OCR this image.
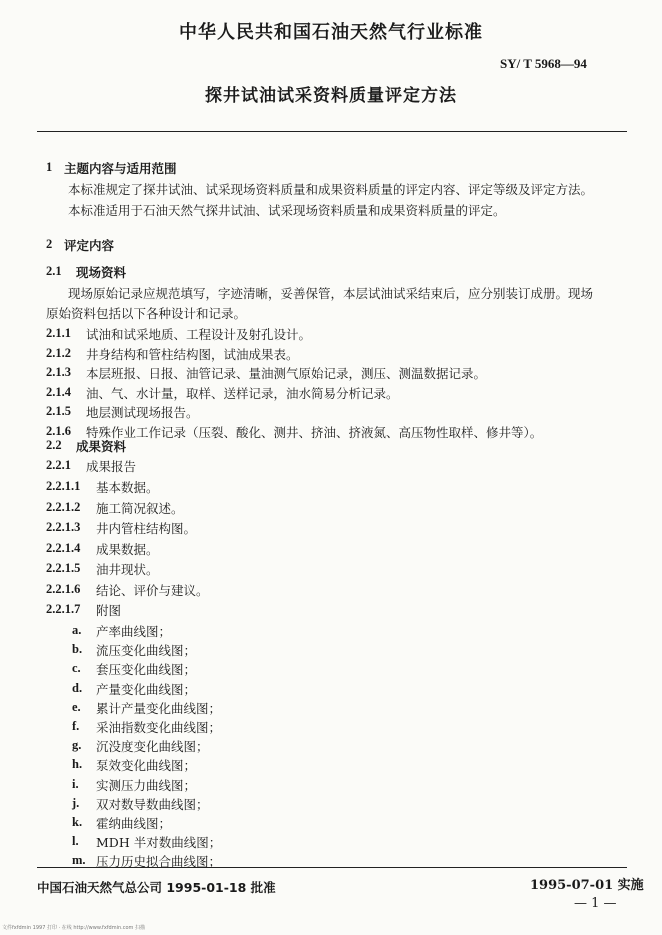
中华人民共和国石油天然气行业标准
SY/ T 5968—94
探井试油试采资料质量评定方法
1 主题内容与适用范围
本标准规定了探井试油、试采现场资料质量和成果资料质量的评定内容、评定等级及评定方法。
本标准适用于石油天然气探井试油、试采现场资料质量和成果资料质量的评定。
2 评定内容
2.1 现场资料
现场原始记录应规范填写，字迹清晰，妥善保管，本层试油试采结束后，应分别装订成册。现场
原始资料包括以下各种设计和记录。
2.1.1 试油和试采地质、工程设计及射孔设计。
2.1.2 井身结构和管柱结构图，试油成果表。
2.1.3 本层班报、日报、油管记录、量油测气原始记录，测压、测温数据记录。
2.1.4 油、气、水计量，取样、送样记录，油水简易分析记录。
2.1.5 地层测试现场报告。
2.1.6 特殊作业工作记录（压裂、酸化、测井、挤油、挤液氮、高压物性取样、修井等）。
2.2 成果资料
2.2.1 成果报告
2.2.1.1 基本数据。
2.2.1.2 施工简况叙述。
2.2.1.3 井内管柱结构图。
2.2.1.4 成果数据。
2.2.1.5 油井现状。
2.2.1.6 结论、评价与建议。
2.2.1.7 附图
a. 产率曲线图；
b. 流压变化曲线图；
c. 套压变化曲线图；
d. 产量变化曲线图；
e. 累计产量变化曲线图；
f. 采油指数变化曲线图；
g. 沉没度变化曲线图；
h. 泵效变化曲线图；
i. 实测压力曲线图；
j. 双对数导数曲线图；
k. 霍纳曲线图；
l. MDH 半对数曲线图；
m. 压力历史拟合曲线图；
中国石油天然气总公司 1995-01-18 批准	1995-07-01 实施
— 1 —
文件fxfdmin 1997 打印 · 在线 http://www.fxfdmin.com 扫描
